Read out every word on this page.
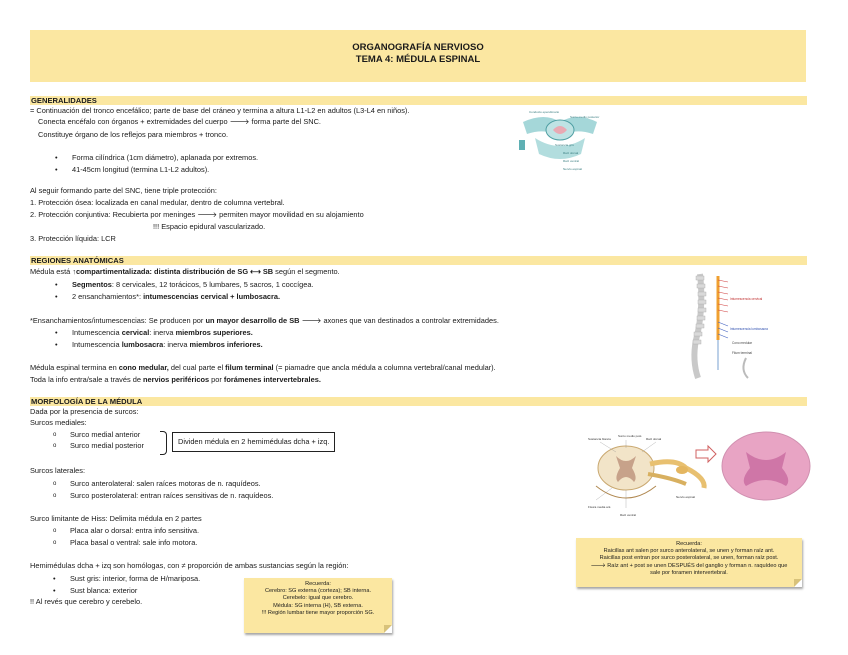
ORGANOGRAFÍA NERVIOSO
TEMA 4: MÉDULA ESPINAL
GENERALIDADES
= Continuación del tronco encefálico; parte de base del cráneo y termina a altura L1-L2 en adultos (L3-L4 en niños).
Conecta encéfalo con órganos + extremidades del cuerpo 🡒 forma parte del SNC.
Constituye órgano de los reflejos para miembros + tronco.
• Forma cilíndrica (1cm diámetro), aplanada por extremos.
• 41-45cm longitud (termina L1-L2 adultos).
Al seguir formando parte del SNC, tiene triple protección:
1. Protección ósea: localizada en canal medular, dentro de columna vertebral.
2. Protección conjuntiva: Recubierta por meninges 🡒 permiten mayor movilidad en su alojamiento
!!! Espacio epidural vascularizado.
3. Protección líquida: LCR
Conducto ependimario
Surco medio posterior
Sustancia gris
Raíz dorsal
Raíz ventral
Nervio espinal
REGIONES ANATÓMICAS
Médula está ↑compartimentalizada: distinta distribución de SG ⟷ SB según el segmento.
• Segmentos: 8 cervicales, 12 torácicos, 5 lumbares, 5 sacros, 1 coccígea.
• 2 ensanchamientos*: intumescencias cervical + lumbosacra.
*Ensanchamientos/intumescencias: Se producen por un mayor desarrollo de SB 🡒 axones que van destinados a controlar extremidades.
• Intumescencia cervical: inerva miembros superiores.
• Intumescencia lumbosacra: inerva miembros inferiores.
Médula espinal termina en cono medular, del cual parte el filum terminal (= piamadre que ancla médula a columna vertebral/canal medular).
Toda la info entra/sale a través de nervios periféricos por forámenes intervertebrales.
Intumescencia cervical
Intumescencia lumbosacra
Cono medular
Filum terminal
MORFOLOGÍA DE LA MÉDULA
Dada por la presencia de surcos:
Surcos mediales:
o Surco medial anterior
o Surco medial posterior	Dividen médula en 2 hemimédulas dcha + izq.
Surcos laterales:
o Surco anterolateral: salen raíces motoras de n. raquídeos.
o Surco posterolateral: entran raíces sensitivas de n. raquídeos.
Surco limitante de Hiss: Delimita médula en 2 partes
o Placa alar o dorsal: entra info sensitiva.
o Placa basal o ventral: sale info motora.
Hemimédulas dcha + izq son homólogas, con ≠ proporción de ambas sustancias según la región:
• Sust gris: interior, forma de H/mariposa.
• Sust blanca: exterior
!! Al revés que cerebro y cerebelo.
Recuerda:
Cerebro: SG externa (corteza); SB interna.
Cerebelo: igual que cerebro.
Médula: SG interna (H), SB externa.
!!! Región lumbar tiene mayor proporción SG.
Sustancia blanca
Surco medio post.
Raíz dorsal
Fisura media ant.
Raíz ventral
Nervio espinal
Recuerda:
Raicillas ant salen por surco anterolateral, se unen y forman raíz ant.
Raicillas post entran por surco posterolateral, se unen, forman raíz post.
🡒 Raíz ant + post se unen DESPUÉS del ganglio y forman n. raquídeo que
sale por foramen intervertebral.
